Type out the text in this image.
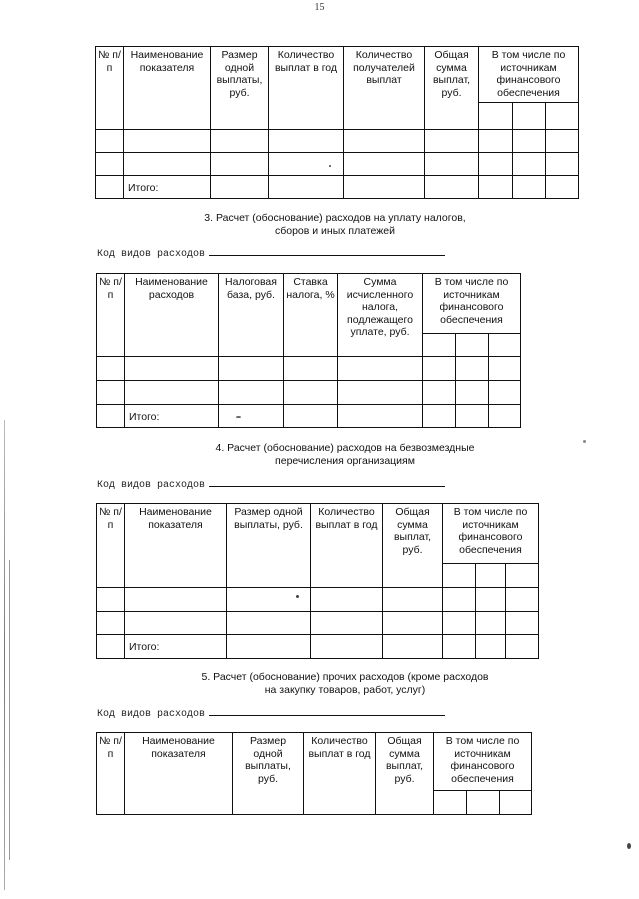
15
№ п/п	Наименование показателя	Размер одной выплаты, руб.	Количество выплат в год	Количество получателей выплат	Общая сумма выплат, руб.	В том числе по источникам финансового обеспечения		

	Итого:							
3. Расчет (обоснование) расходов на уплату налогов,
сборов и иных платежей
Код видов расходов
№ п/п	Наименование расходов	Налоговая база, руб.	Ставка налога, %	Сумма исчисленного налога, подлежащего уплате, руб.	В том числе по источникам финансового обеспечения		

	Итого:						
4. Расчет (обоснование) расходов на безвозмездные
перечисления организациям
Код видов расходов
№ п/п	Наименование показателя	Размер одной выплаты, руб.	Количество выплат в год	Общая сумма выплат, руб.	В том числе по источникам финансового обеспечения		

	Итого:						
5. Расчет (обоснование) прочих расходов (кроме расходов
на закупку товаров, работ, услуг)
Код видов расходов
№ п/п	Наименование показателя	Размер одной выплаты, руб.	Количество выплат в год	Общая сумма выплат, руб.	В том числе по источникам финансового обеспечения		
